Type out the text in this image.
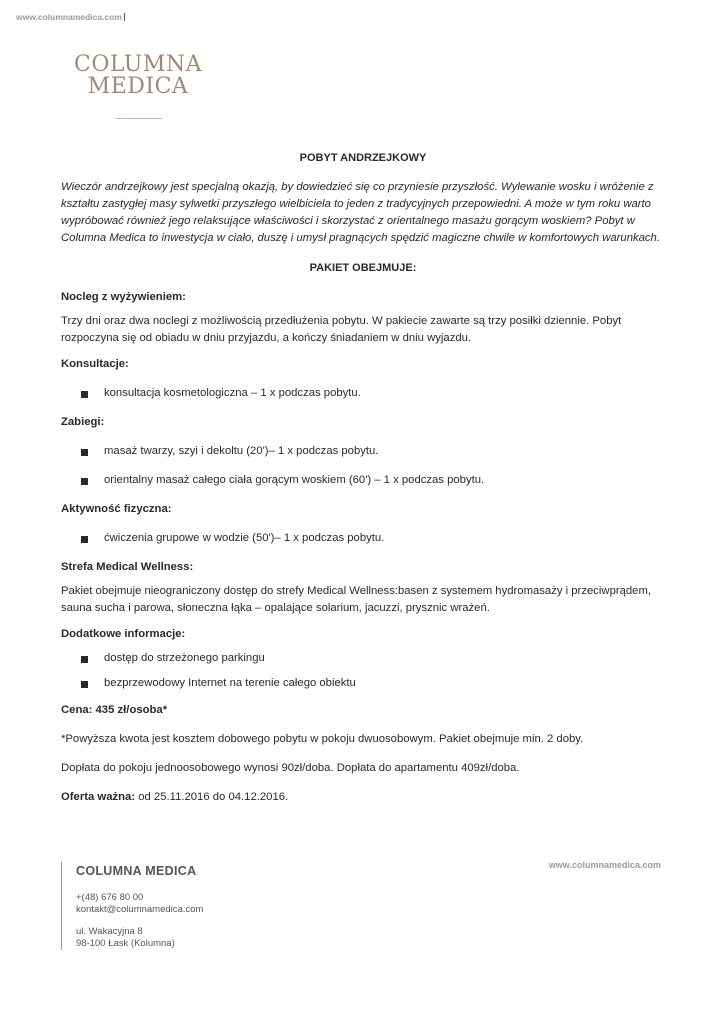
www.columnamedica.com
COLUMNA
MEDICA
POBYT ANDRZEJKOWY

Wieczór andrzejkowy jest specjalną okazją, by dowiedzieć się co przyniesie przyszłość. Wylewanie wosku i wróżenie z kształtu zastygłej masy sylwetki przyszłego wielbiciela to jeden z tradycyjnych przepowiedni. A może w tym roku warto wypróbować również jego relaksujące właściwości i skorzystać z orientalnego masażu gorącym woskiem? Pobyt w Columna Medica to inwestycja w ciało, duszę i umysł pragnących spędzić magiczne chwile w komfortowych warunkach.

PAKIET OBEJMUJE:
Nocleg z wyżywieniem:

Trzy dni oraz dwa noclegi z możliwością przedłużenia pobytu. W pakiecie zawarte są trzy posiłki dziennie. Pobyt rozpoczyna się od obiadu w dniu przyjazdu, a kończy śniadaniem w dniu wyjazdu.

Konsultacje:
konsultacja kosmetologiczna – 1 x podczas pobytu.
Zabiegi:
masaż twarzy, szyi i dekoltu (20')– 1 x podczas pobytu.
orientalny masaż całego ciała gorącym woskiem (60') – 1 x podczas pobytu.
Aktywność fizyczna:
ćwiczenia grupowe w wodzie (50')– 1 x podczas pobytu.
Strefa Medical Wellness:

Pakiet obejmuje nieograniczony dostęp do strefy Medical Wellness:basen z systemem hydromasaży i przeciwprądem, sauna sucha i parowa, słoneczna łąka – opalające solarium, jacuzzi, prysznic wrażeń.

Dodatkowe informacje:
dostęp do strzeżonego parkingu
bezprzewodowy Internet na terenie całego obiektu
Cena: 435 zł/osoba*

*Powyższa kwota jest kosztem dobowego pobytu w pokoju dwuosobowym. Pakiet obejmuje min. 2 doby.

Dopłata do pokoju jednoosobowego wynosi 90zł/doba. Dopłata do apartamentu 409zł/doba.

Oferta ważna: od 25.11.2016 do 04.12.2016.

COLUMNA MEDICA
+(48) 676 80 00
kontakt@columnamedica.com
ul. Wakacyjna 8
98-100 Łask (Kolumna)
www.columnamedica.com
